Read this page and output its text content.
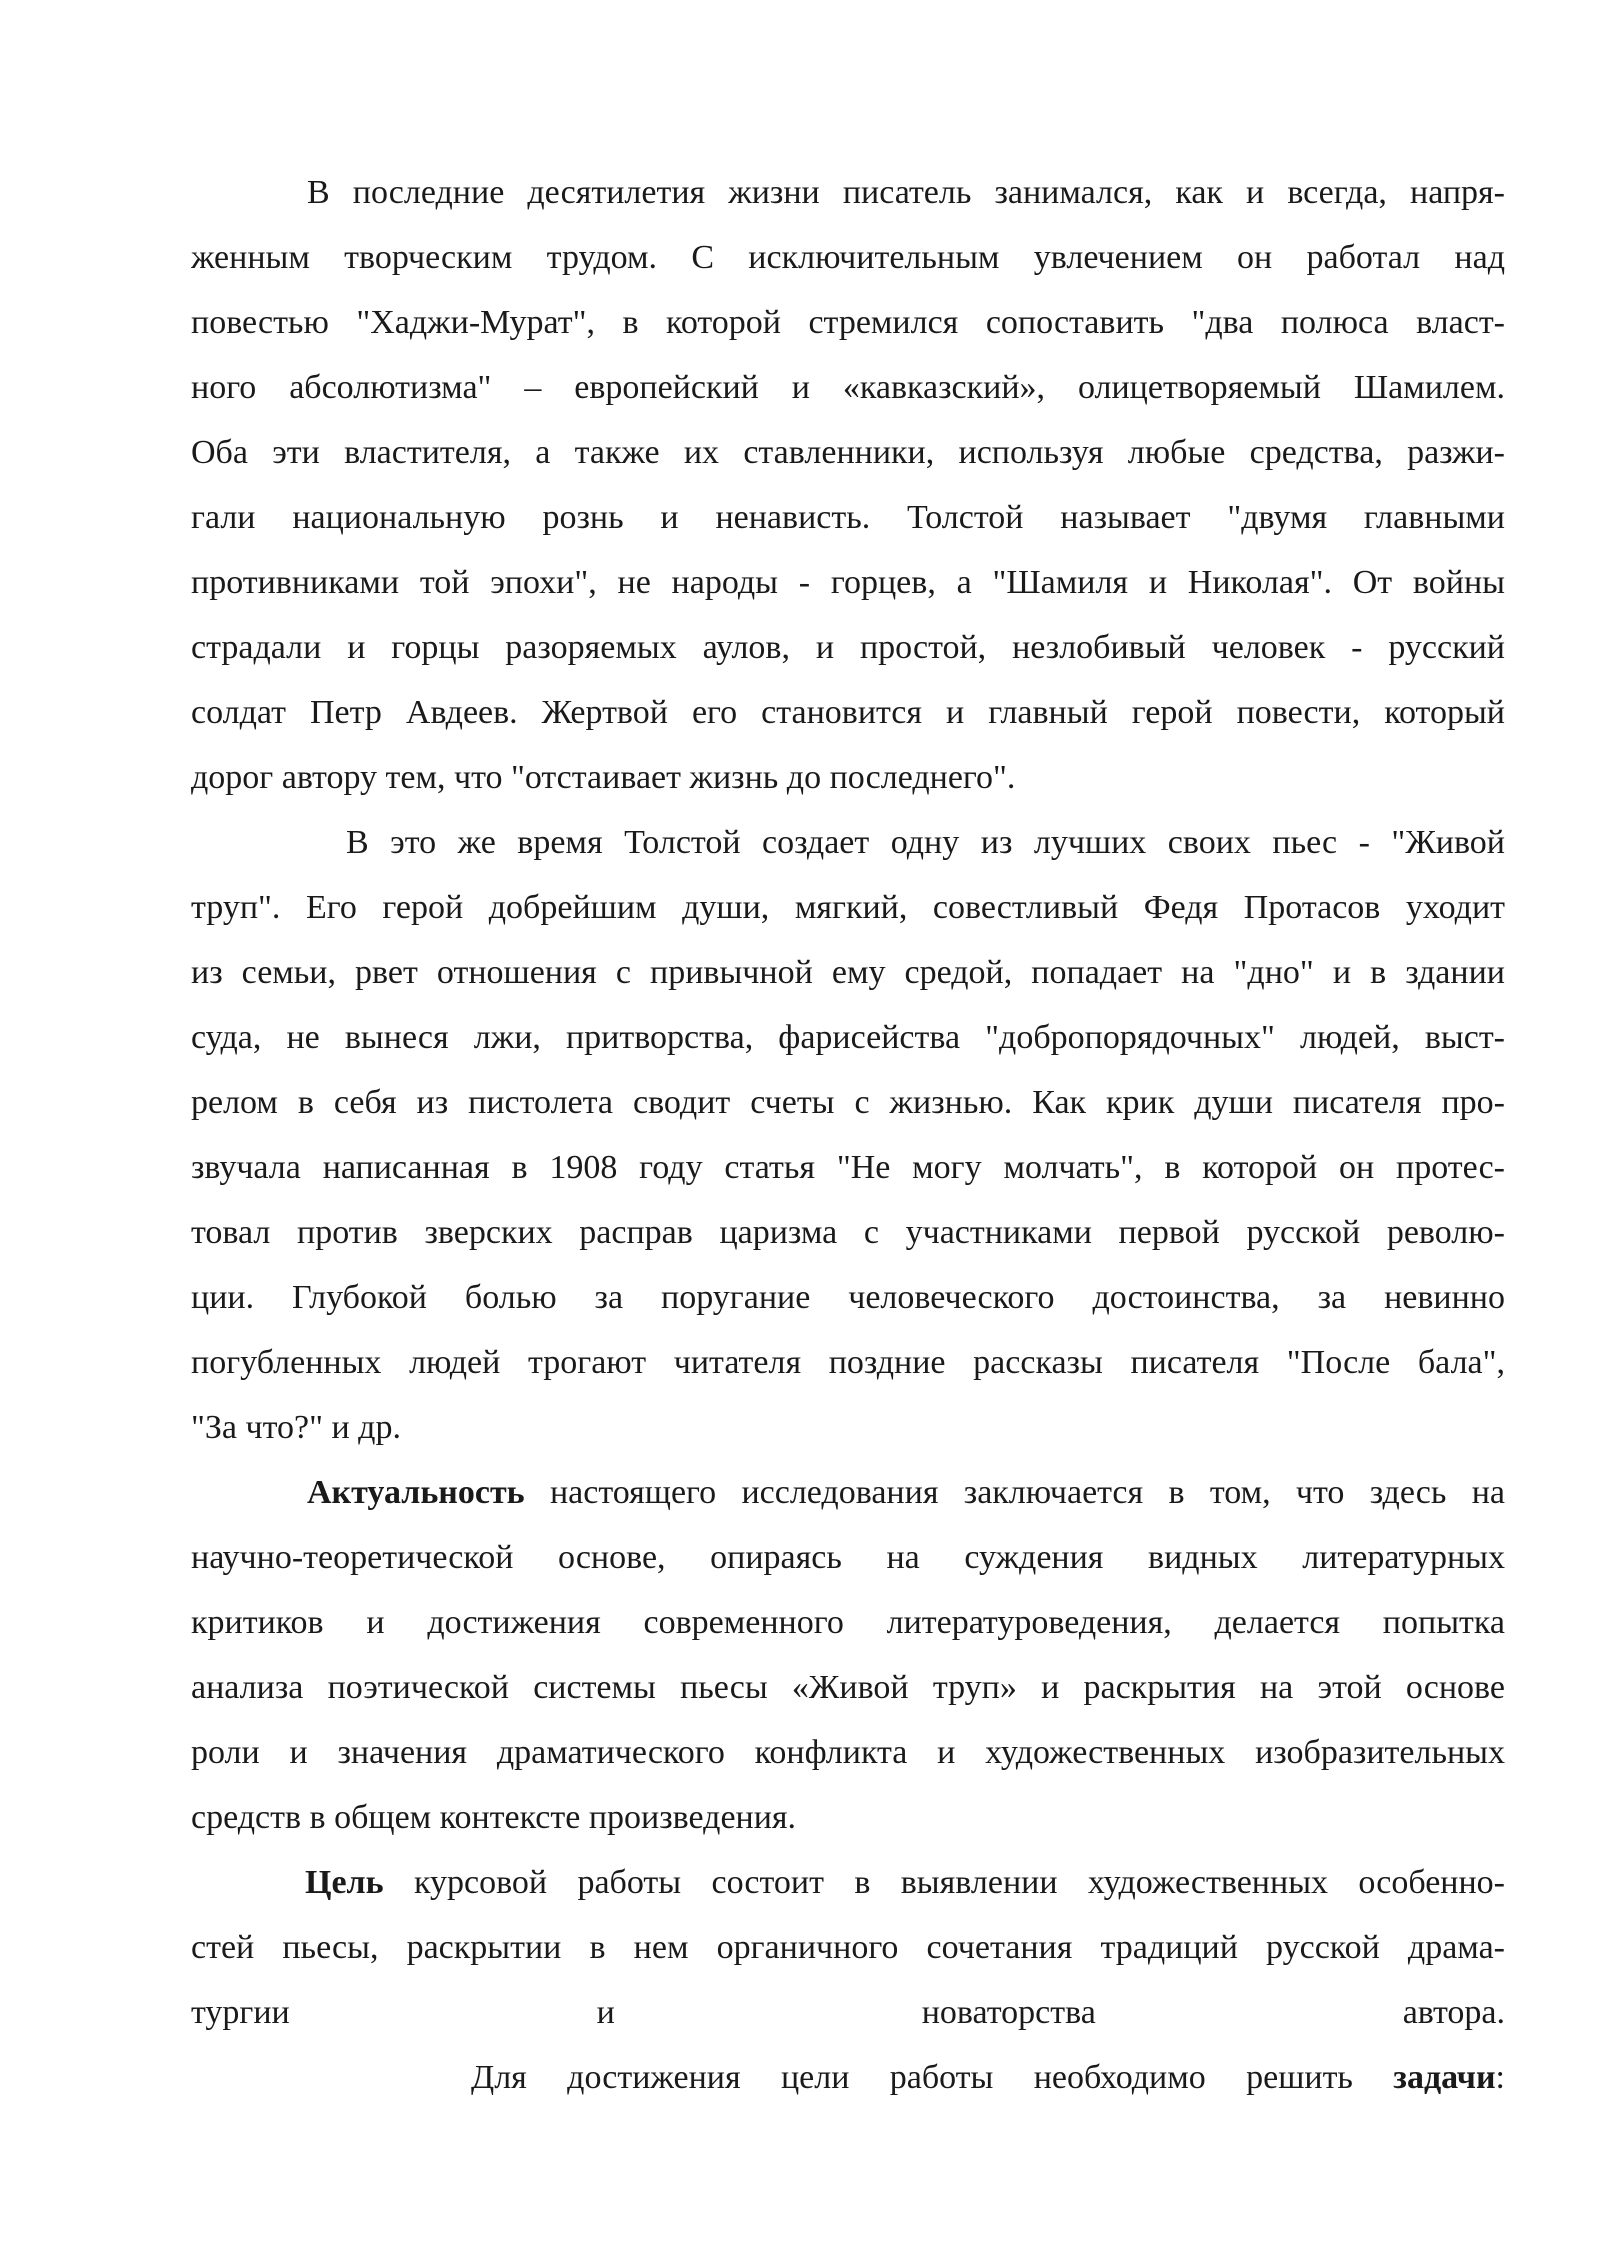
В последние десятилетия жизни писатель занимался, как и всегда, напря-
женным творческим трудом. С исключительным увлечением он работал над
повестью "Хаджи-Мурат", в которой стремился сопоставить "два полюса власт-
ного абсолютизма" – европейский и «кавказский», олицетворяемый Шамилем.
Оба эти властителя, а также их ставленники, используя любые средства, разжи-
гали национальную рознь и ненависть. Толстой называет "двумя главными
противниками той эпохи", не народы - горцев, а "Шамиля и Николая". От войны
страдали и горцы разоряемых аулов, и простой, незлобивый человек - русский
солдат Петр Авдеев. Жертвой его становится и главный герой повести, который
дорог автору тем, что "отстаивает жизнь до последнего".
В это же время Толстой создает одну из лучших своих пьес - "Живой
труп". Его герой добрейшим души, мягкий, совестливый Федя Протасов уходит
из семьи, рвет отношения с привычной ему средой, попадает на "дно" и в здании
суда, не вынеся лжи, притворства, фарисейства "добропорядочных" людей, выст-
релом в себя из пистолета сводит счеты с жизнью. Как крик души писателя про-
звучала написанная в 1908 году статья "Не могу молчать", в которой он протес-
товал против зверских расправ царизма с участниками первой русской револю-
ции. Глубокой болью за поругание человеческого достоинства, за невинно
погубленных людей трогают читателя поздние рассказы писателя "После бала",
"За что?" и др.
Актуальность настоящего исследования заключается в том, что здесь на
научно-теоретической основе, опираясь на суждения видных литературных
критиков и достижения современного литературоведения, делается попытка
анализа поэтической системы пьесы «Живой труп» и раскрытия на этой основе
роли и значения драматического конфликта и художественных изобразительных
средств в общем контексте произведения.
Цель курсовой работы состоит в выявлении художественных особенно-
стей пьесы, раскрытии в нем органичного сочетания традиций русской драма-
тургии и новаторства автора.
Для достижения цели работы необходимо решить задачи:
